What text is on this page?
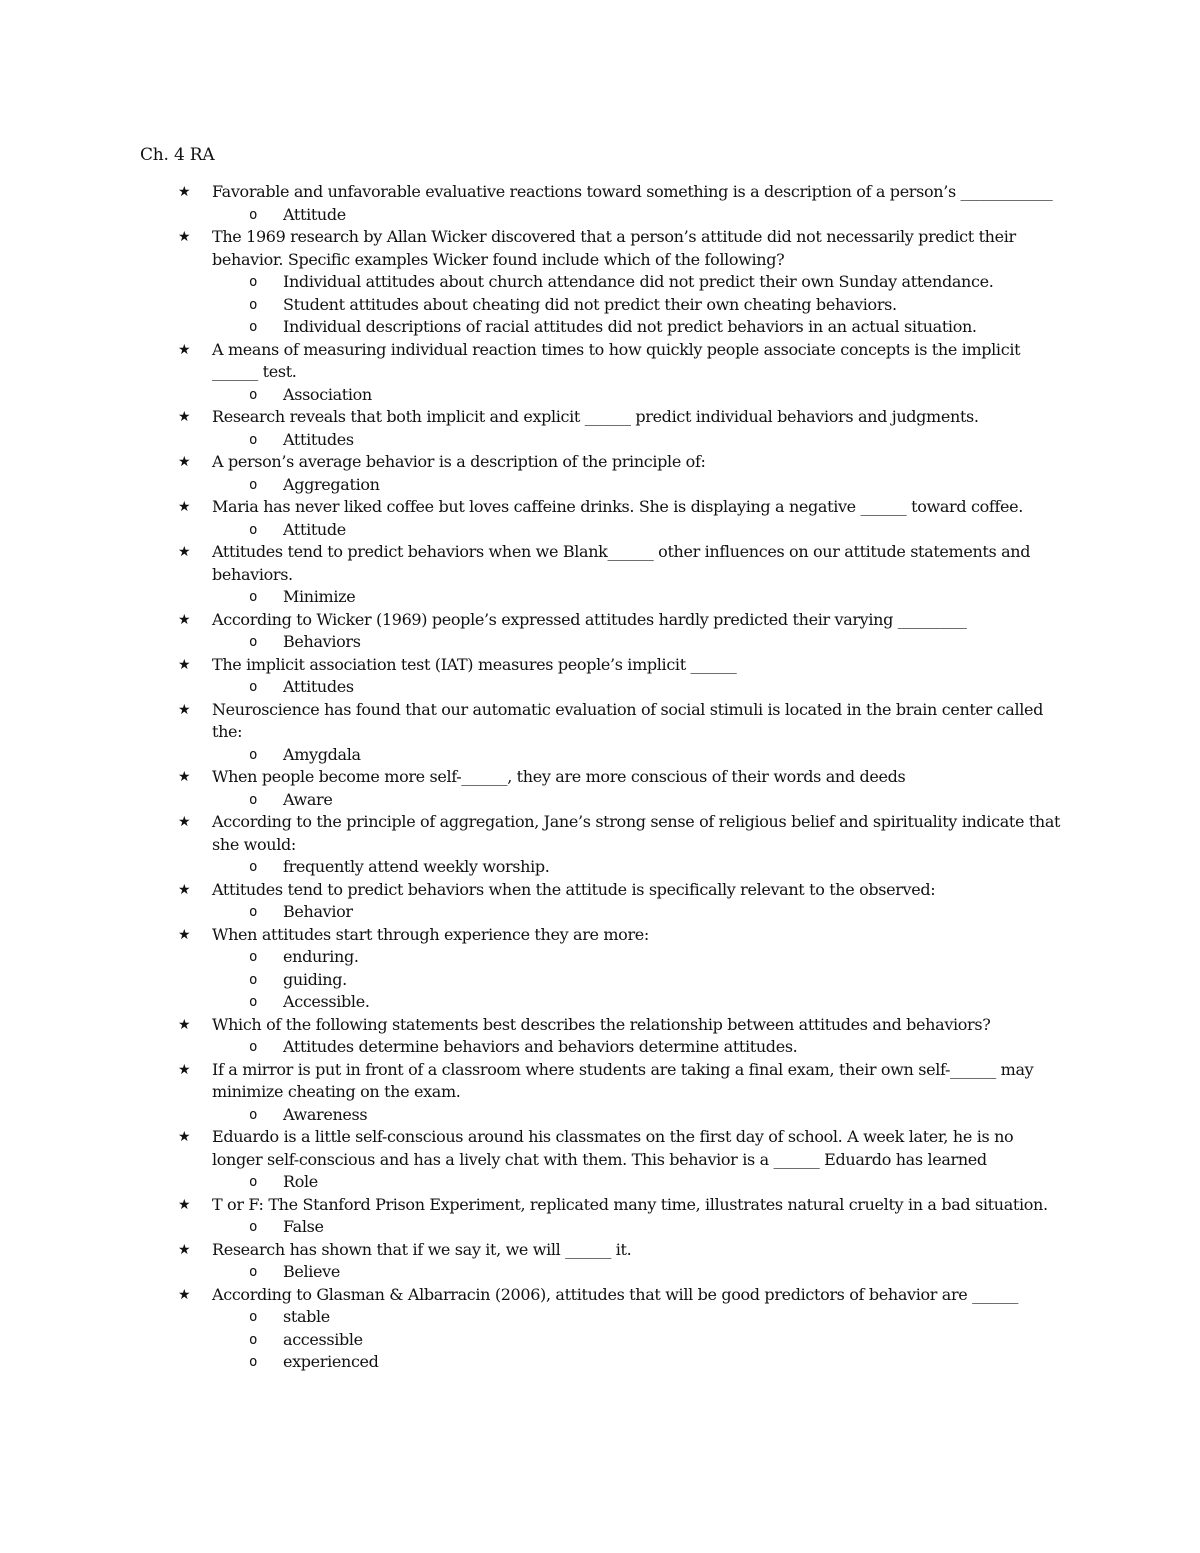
Ch. 4 RA
★ Favorable and unfavorable evaluative reactions toward something is a description of a person’s ____________
o Attitude
★ The 1969 research by Allan Wicker discovered that a person’s attitude did not necessarily predict their behavior. Specific examples Wicker found include which of the following?
o Individual attitudes about church attendance did not predict their own Sunday attendance.
o Student attitudes about cheating did not predict their own cheating behaviors.
o Individual descriptions of racial attitudes did not predict behaviors in an actual situation.
★ A means of measuring individual reaction times to how quickly people associate concepts is the implicit ______ test.
o Association
★ Research reveals that both implicit and explicit ______ predict individual behaviors and judgments.
o Attitudes
★ A person’s average behavior is a description of the principle of:
o Aggregation
★ Maria has never liked coffee but loves caffeine drinks. She is displaying a negative ______ toward coffee.
o Attitude
★ Attitudes tend to predict behaviors when we Blank______ other influences on our attitude statements and behaviors.
o Minimize
★ According to Wicker (1969) people’s expressed attitudes hardly predicted their varying _________
o Behaviors
★ The implicit association test (IAT) measures people’s implicit ______
o Attitudes
★ Neuroscience has found that our automatic evaluation of social stimuli is located in the brain center called the:
o Amygdala
★ When people become more self-______, they are more conscious of their words and deeds
o Aware
★ According to the principle of aggregation, Jane’s strong sense of religious belief and spirituality indicate that she would:
o frequently attend weekly worship.
★ Attitudes tend to predict behaviors when the attitude is specifically relevant to the observed:
o Behavior
★ When attitudes start through experience they are more:
o enduring.
o guiding.
o Accessible.
★ Which of the following statements best describes the relationship between attitudes and behaviors?
o Attitudes determine behaviors and behaviors determine attitudes.
★ If a mirror is put in front of a classroom where students are taking a final exam, their own self-______ may minimize cheating on the exam.
o Awareness
★ Eduardo is a little self-conscious around his classmates on the first day of school. A week later, he is no longer self-conscious and has a lively chat with them. This behavior is a ______ Eduardo has learned
o Role
★ T or F: The Stanford Prison Experiment, replicated many time, illustrates natural cruelty in a bad situation.
o False
★ Research has shown that if we say it, we will ______ it.
o Believe
★ According to Glasman & Albarracin (2006), attitudes that will be good predictors of behavior are ______
o stable
o accessible
o experienced
